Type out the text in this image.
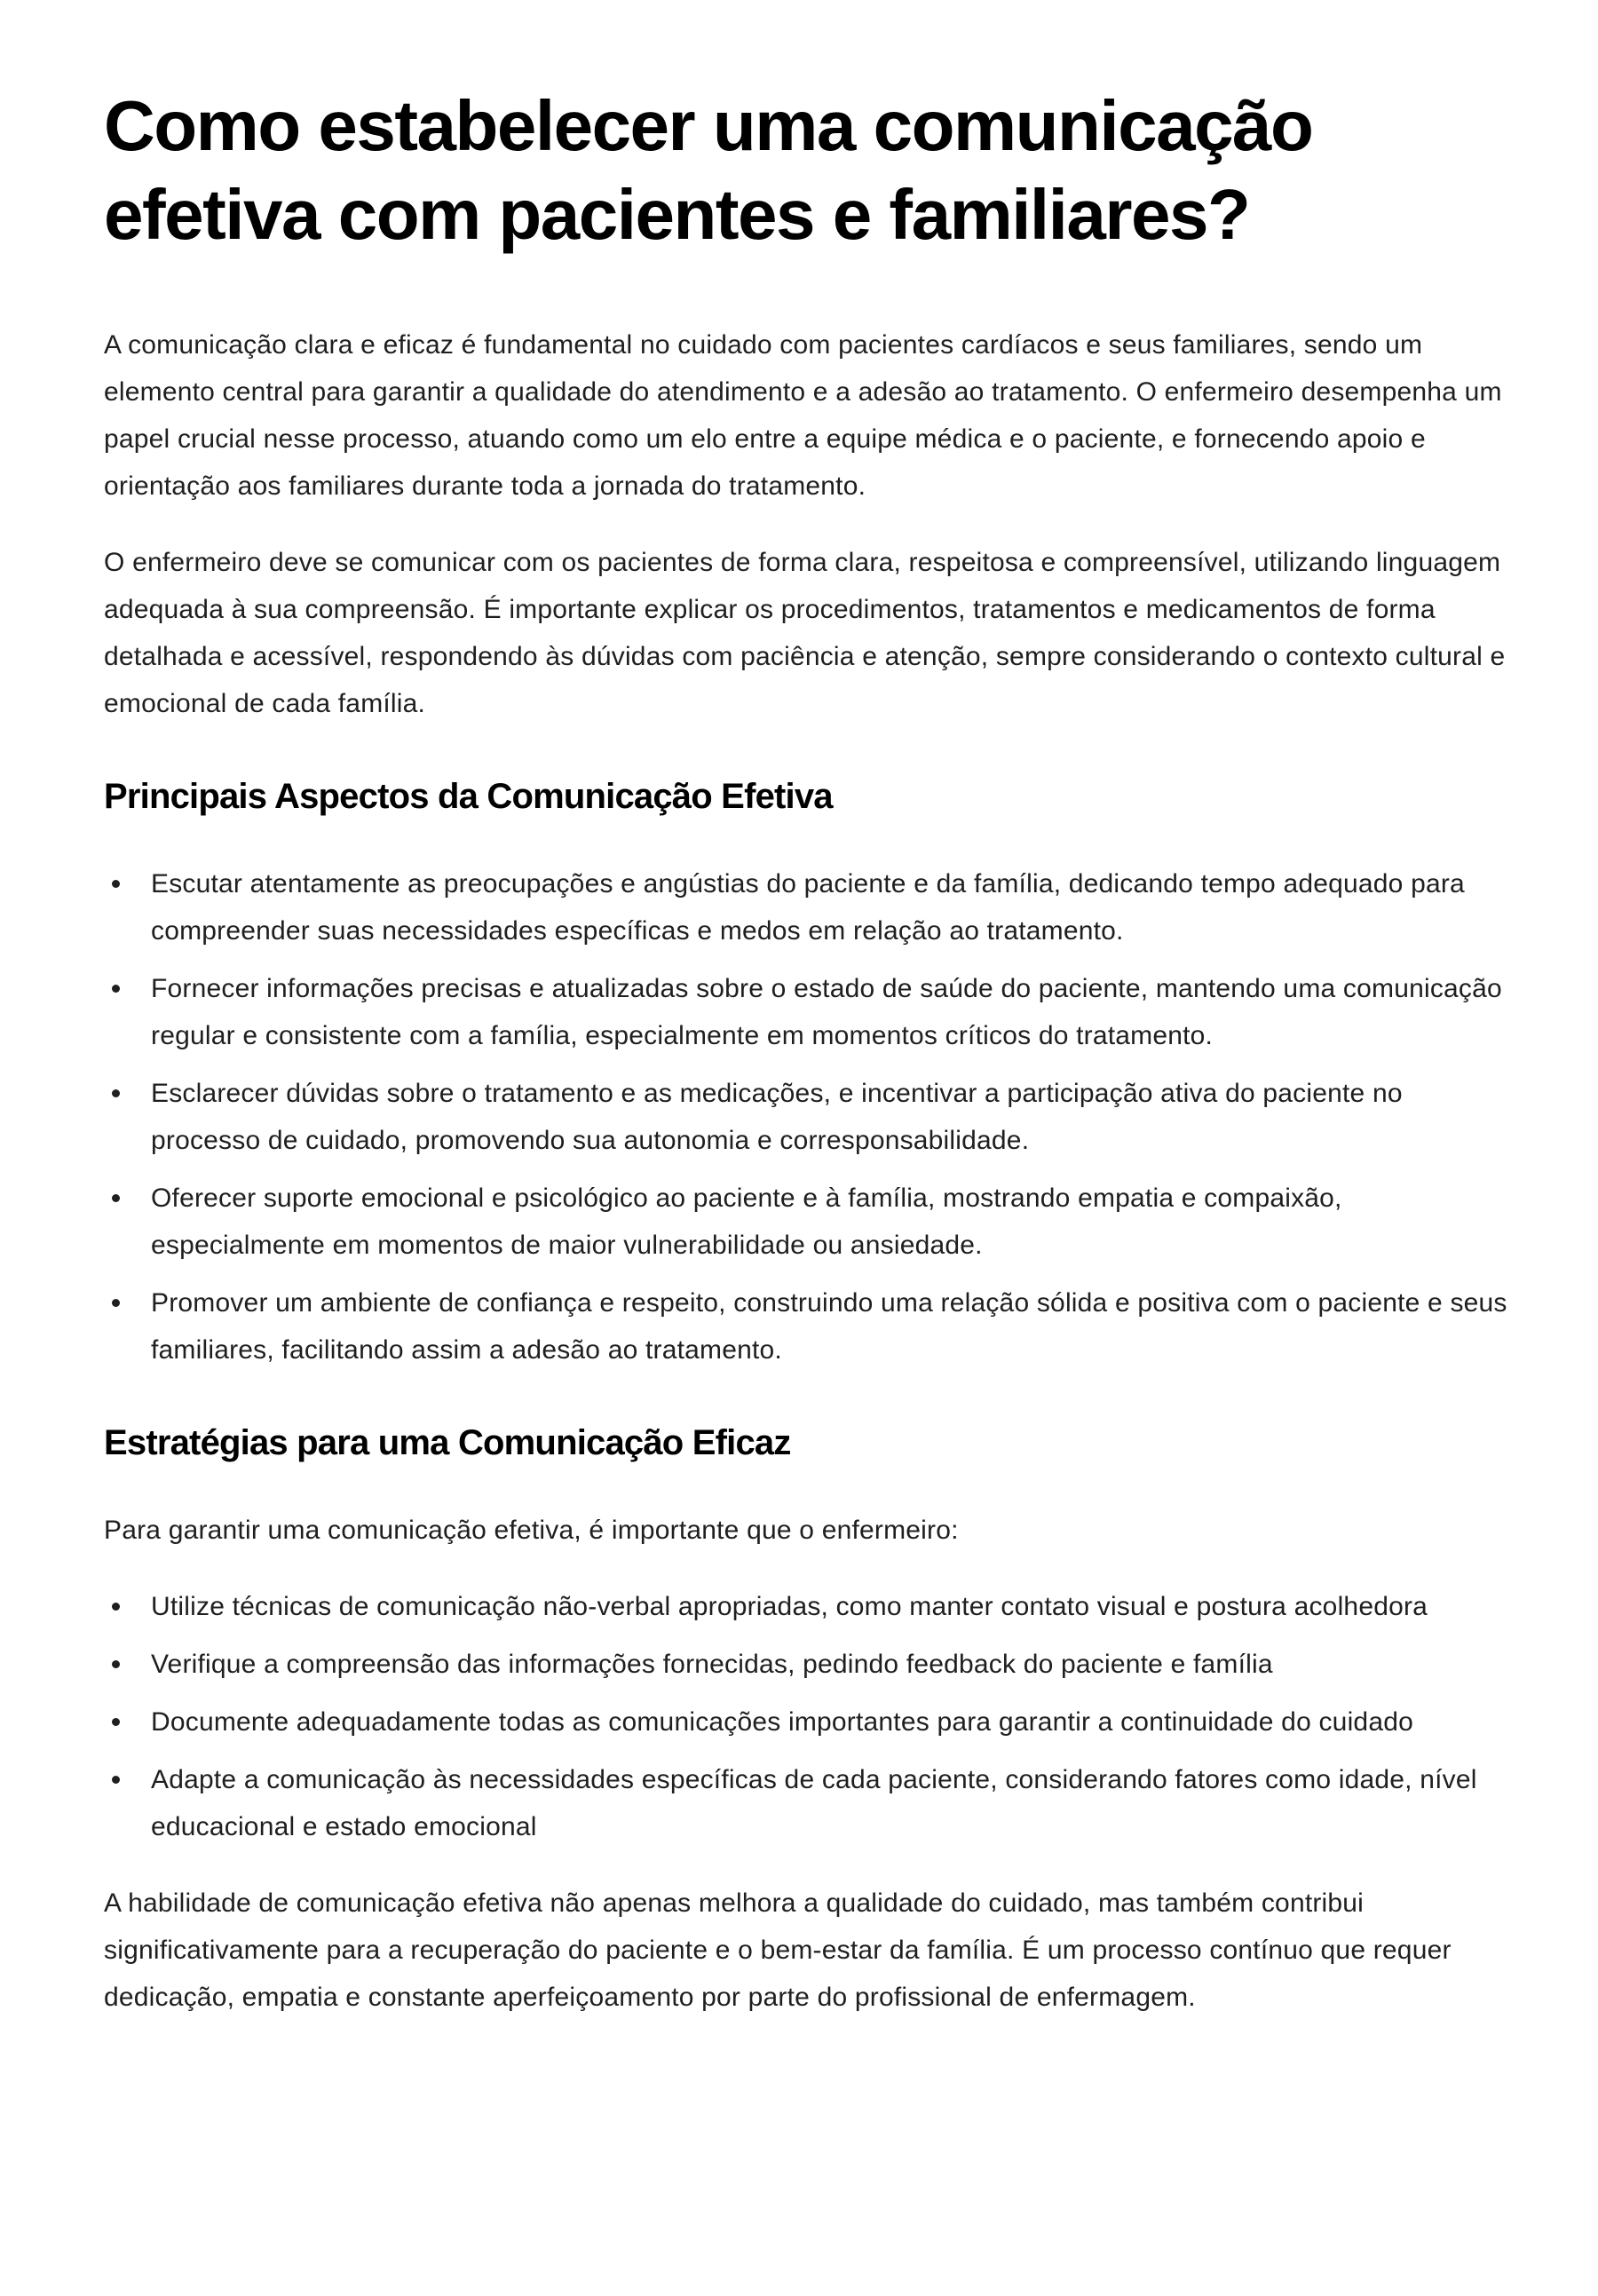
Como estabelecer uma comunicação efetiva com pacientes e familiares?

A comunicação clara e eficaz é fundamental no cuidado com pacientes cardíacos e seus familiares, sendo um elemento central para garantir a qualidade do atendimento e a adesão ao tratamento. O enfermeiro desempenha um papel crucial nesse processo, atuando como um elo entre a equipe médica e o paciente, e fornecendo apoio e orientação aos familiares durante toda a jornada do tratamento.

O enfermeiro deve se comunicar com os pacientes de forma clara, respeitosa e compreensível, utilizando linguagem adequada à sua compreensão. É importante explicar os procedimentos, tratamentos e medicamentos de forma detalhada e acessível, respondendo às dúvidas com paciência e atenção, sempre considerando o contexto cultural e emocional de cada família.

Principais Aspectos da Comunicação Efetiva
Escutar atentamente as preocupações e angústias do paciente e da família, dedicando tempo adequado para compreender suas necessidades específicas e medos em relação ao tratamento.
Fornecer informações precisas e atualizadas sobre o estado de saúde do paciente, mantendo uma comunicação regular e consistente com a família, especialmente em momentos críticos do tratamento.
Esclarecer dúvidas sobre o tratamento e as medicações, e incentivar a participação ativa do paciente no processo de cuidado, promovendo sua autonomia e corresponsabilidade.
Oferecer suporte emocional e psicológico ao paciente e à família, mostrando empatia e compaixão, especialmente em momentos de maior vulnerabilidade ou ansiedade.
Promover um ambiente de confiança e respeito, construindo uma relação sólida e positiva com o paciente e seus familiares, facilitando assim a adesão ao tratamento.
Estratégias para uma Comunicação Eficaz

Para garantir uma comunicação efetiva, é importante que o enfermeiro:

Utilize técnicas de comunicação não-verbal apropriadas, como manter contato visual e postura acolhedora
Verifique a compreensão das informações fornecidas, pedindo feedback do paciente e família
Documente adequadamente todas as comunicações importantes para garantir a continuidade do cuidado
Adapte a comunicação às necessidades específicas de cada paciente, considerando fatores como idade, nível educacional e estado emocional

A habilidade de comunicação efetiva não apenas melhora a qualidade do cuidado, mas também contribui significativamente para a recuperação do paciente e o bem-estar da família. É um processo contínuo que requer dedicação, empatia e constante aperfeiçoamento por parte do profissional de enfermagem.
